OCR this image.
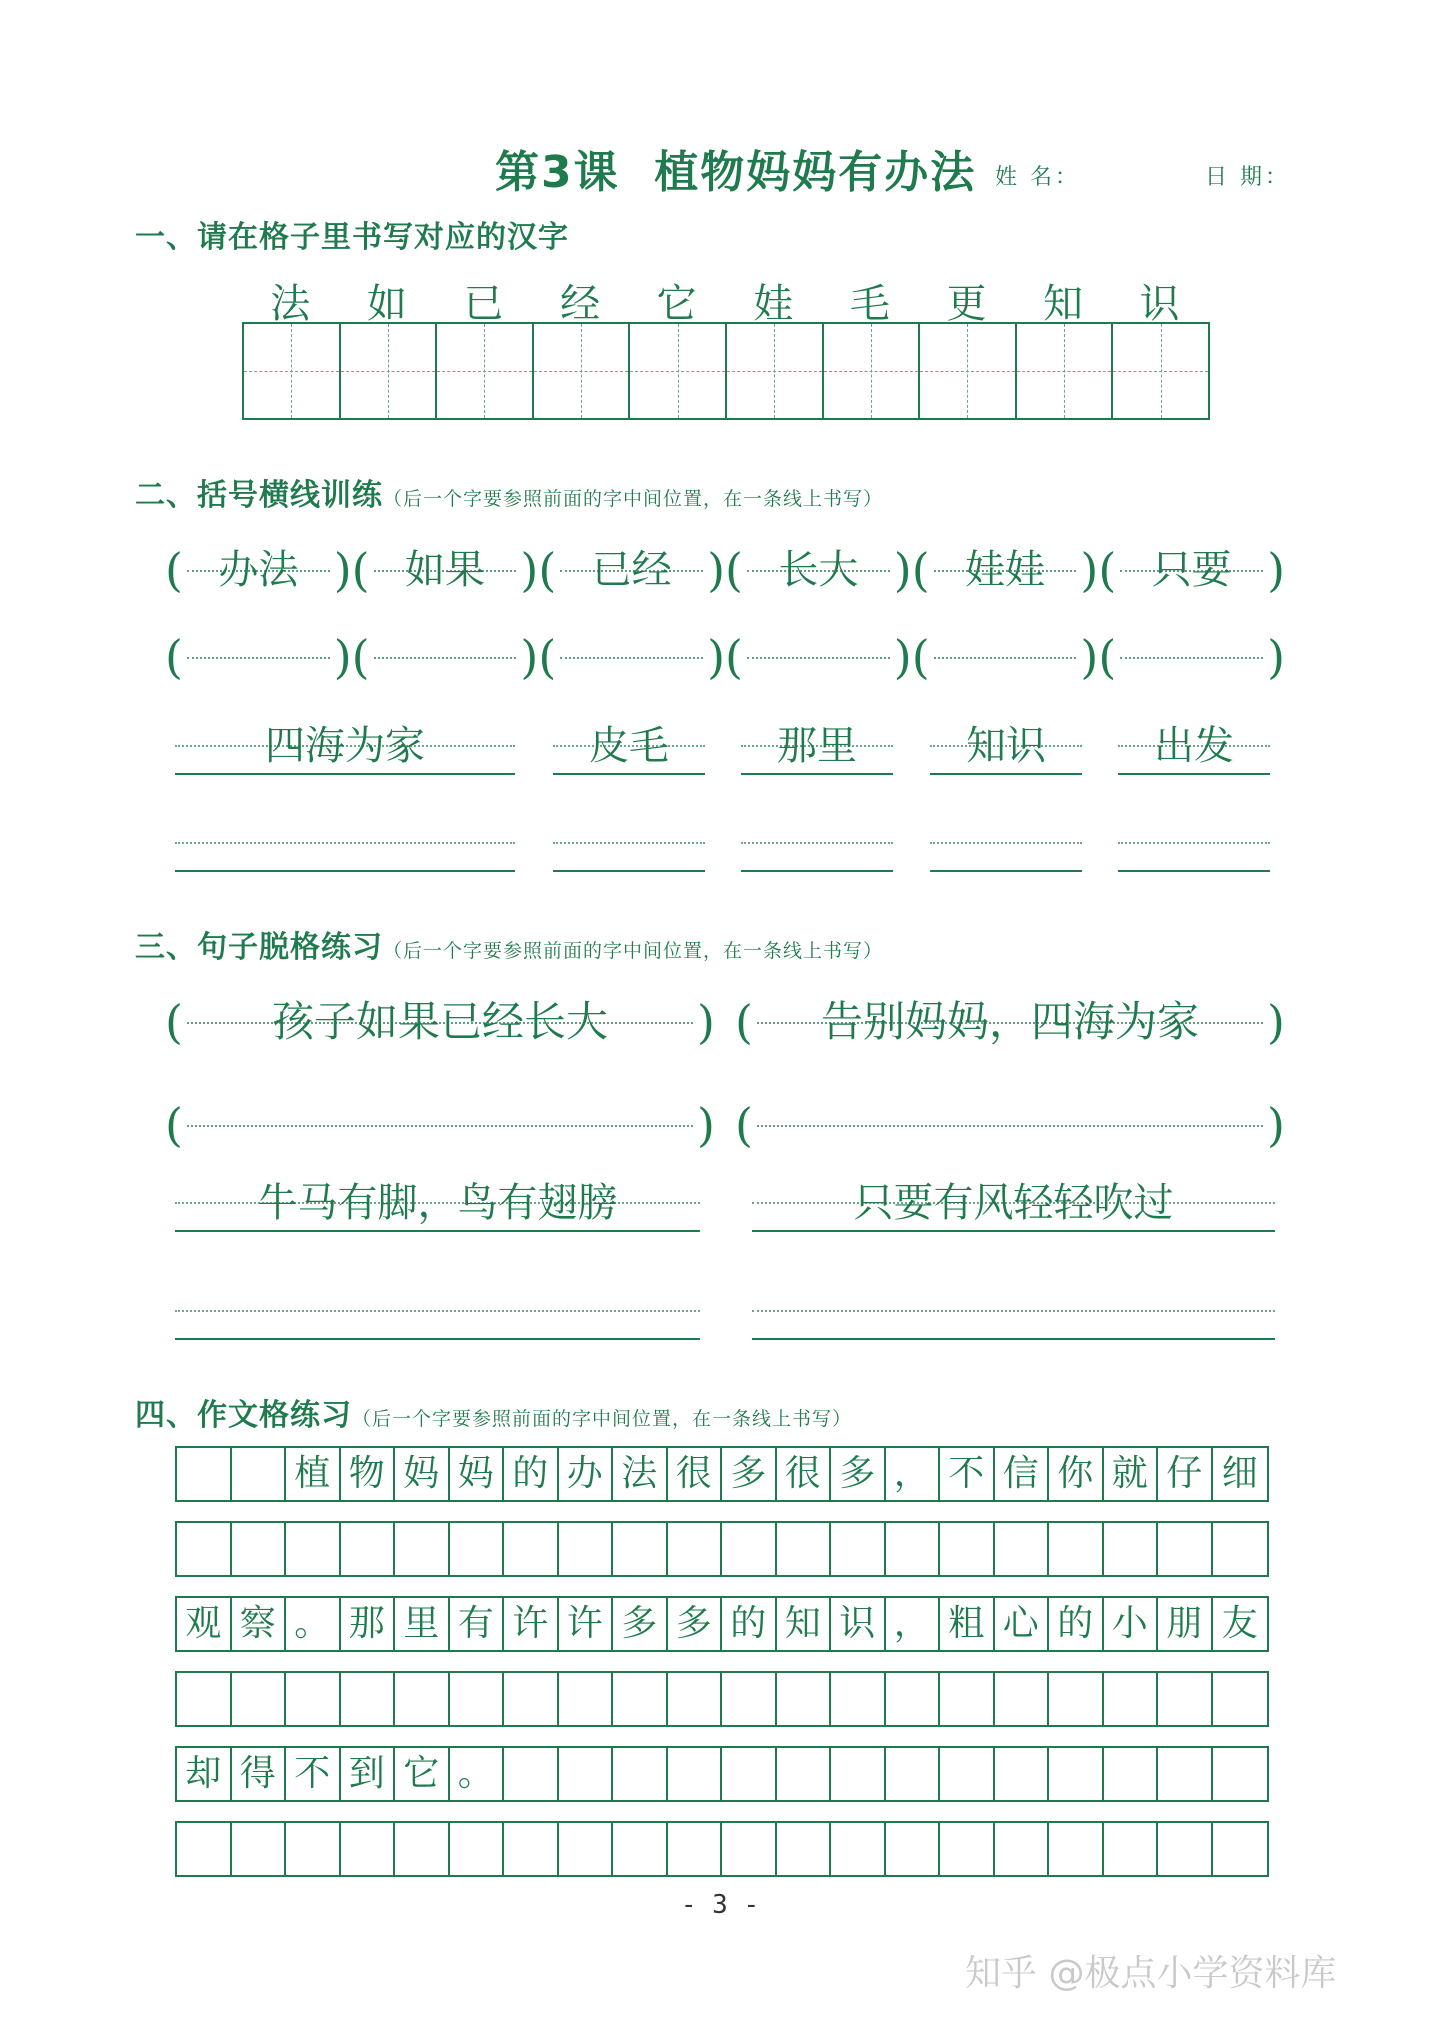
第3课 植物妈妈有办法 姓 名：	日 期：
一、请在格子里书写对应的汉字
法	如	已	经	它	娃	毛	更	知	识
二、括号横线训练（后一个字要参照前面的字中间位置，在一条线上书写）
( 办法 ) ( 如果 ) ( 已经 ) ( 长大 ) ( 娃娃 ) ( 只要 )
(	) (	) (	) (	) (	) (	)
四海为家	皮毛	那里	知识	出发
三、句子脱格练习（后一个字要参照前面的字中间位置，在一条线上书写）
(	孩子如果已经长大	) (	告别妈妈，四海为家	)
(	) (	)
牛马有脚，鸟有翅膀	只要有风轻轻吹过
四、作文格练习（后一个字要参照前面的字中间位置，在一条线上书写）
植 物 妈 妈 的 办 法 很 多 很 多 ， 不 信 你 就 仔 细
观 察 。 那 里 有 许 许 多 多 的 知 识 ， 粗 心 的 小 朋 友
却 得 不 到 它 。
- 3 -
知乎 @极点小学资料库
